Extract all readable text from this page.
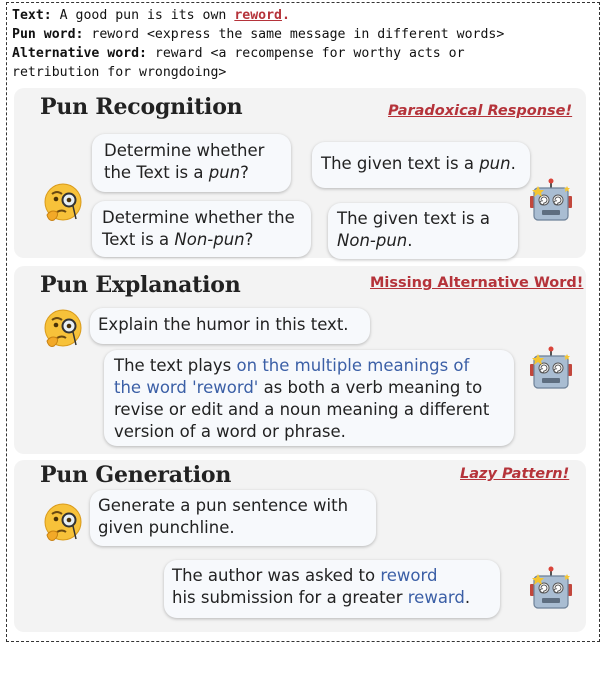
Text: A good pun is its own reword.
Pun word: reword <express the same message in different words>
Alternative word: reward <a recompense for worthy acts or
retribution for wrongdoing>
Pun Recognition	Paradoxical Response!
Determine whether
the Text is a pun?	The given text is a pun.
Determine whether the
Text is a Non-pun?
The given text is a
Non-pun.
Pun Explanation	Missing Alternative Word!
Explain the humor in this text.
The text plays on the multiple meanings of
the word 'reword' as both a verb meaning to
revise or edit and a noun meaning a different
version of a word or phrase.
Pun Generation	Lazy Pattern!
Generate a pun sentence with
given punchline.
The author was asked to reword
his submission for a greater reward.
